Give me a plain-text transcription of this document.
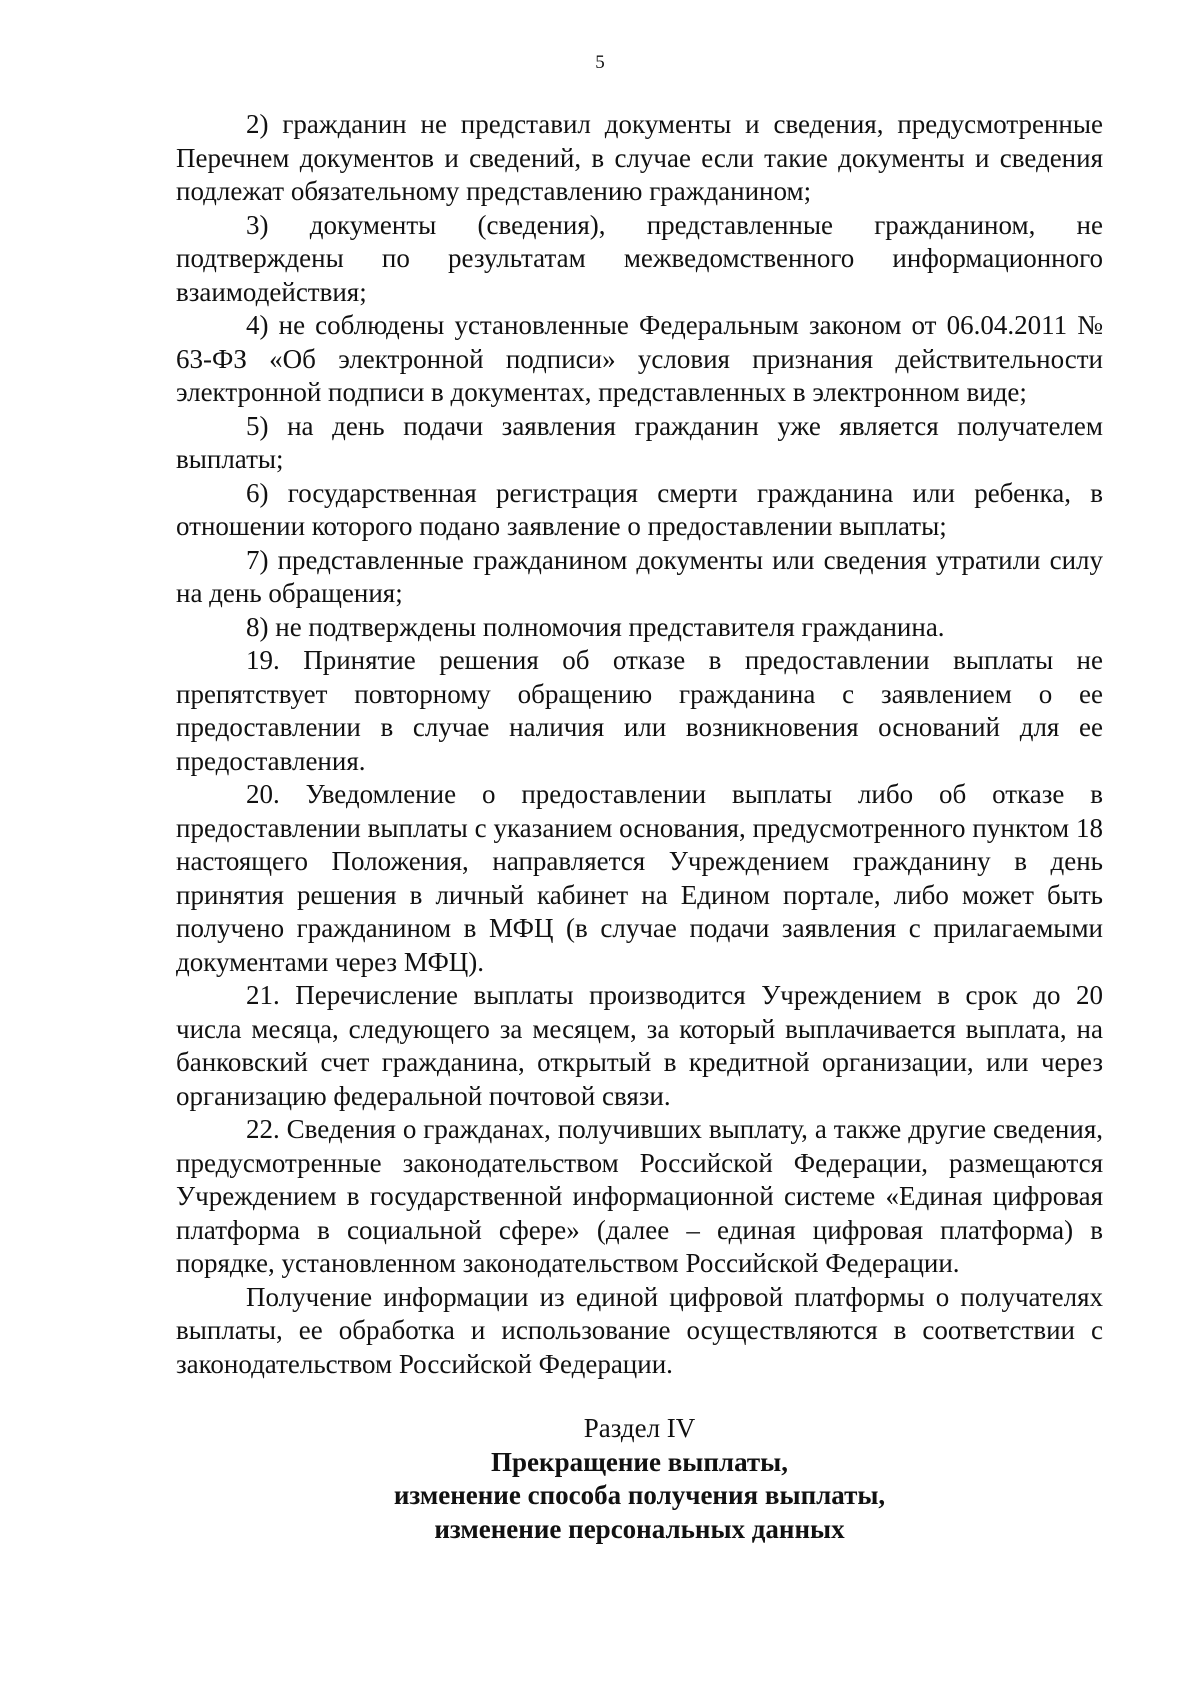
5

2) гражданин не представил документы и сведения, предусмотренные Перечнем документов и сведений, в случае если такие документы и сведения подлежат обязательному представлению гражданином;

3) документы (сведения), представленные гражданином, не подтверждены по результатам межведомственного информационного взаимодействия;

4) не соблюдены установленные Федеральным законом от 06.04.2011 № 63-ФЗ «Об электронной подписи» условия признания действительности электронной подписи в документах, представленных в электронном виде;

5) на день подачи заявления гражданин уже является получателем выплаты;

6) государственная регистрация смерти гражданина или ребенка, в отношении которого подано заявление о предоставлении выплаты;

7) представленные гражданином документы или сведения утратили силу на день обращения;

8) не подтверждены полномочия представителя гражданина.

19. Принятие решения об отказе в предоставлении выплаты не препятствует повторному обращению гражданина с заявлением о ее предоставлении в случае наличия или возникновения оснований для ее предоставления.

20. Уведомление о предоставлении выплаты либо об отказе в предоставлении выплаты с указанием основания, предусмотренного пунктом 18 настоящего Положения, направляется Учреждением гражданину в день принятия решения в личный кабинет на Едином портале, либо может быть получено гражданином в МФЦ (в случае подачи заявления с прилагаемыми документами через МФЦ).

21. Перечисление выплаты производится Учреждением в срок до 20 числа месяца, следующего за месяцем, за который выплачивается выплата, на банковский счет гражданина, открытый в кредитной организации, или через организацию федеральной почтовой связи.

22. Сведения о гражданах, получивших выплату, а также другие сведения, предусмотренные законодательством Российской Федерации, размещаются Учреждением в государственной информационной системе «Единая цифровая платформа в социальной сфере» (далее – единая цифровая платформа) в порядке, установленном законодательством Российской Федерации.

Получение информации из единой цифровой платформы о получателях выплаты, ее обработка и использование осуществляются в соответствии с законодательством Российской Федерации.

Раздел IV
Прекращение выплаты,
изменение способа получения выплаты,
изменение персональных данных
